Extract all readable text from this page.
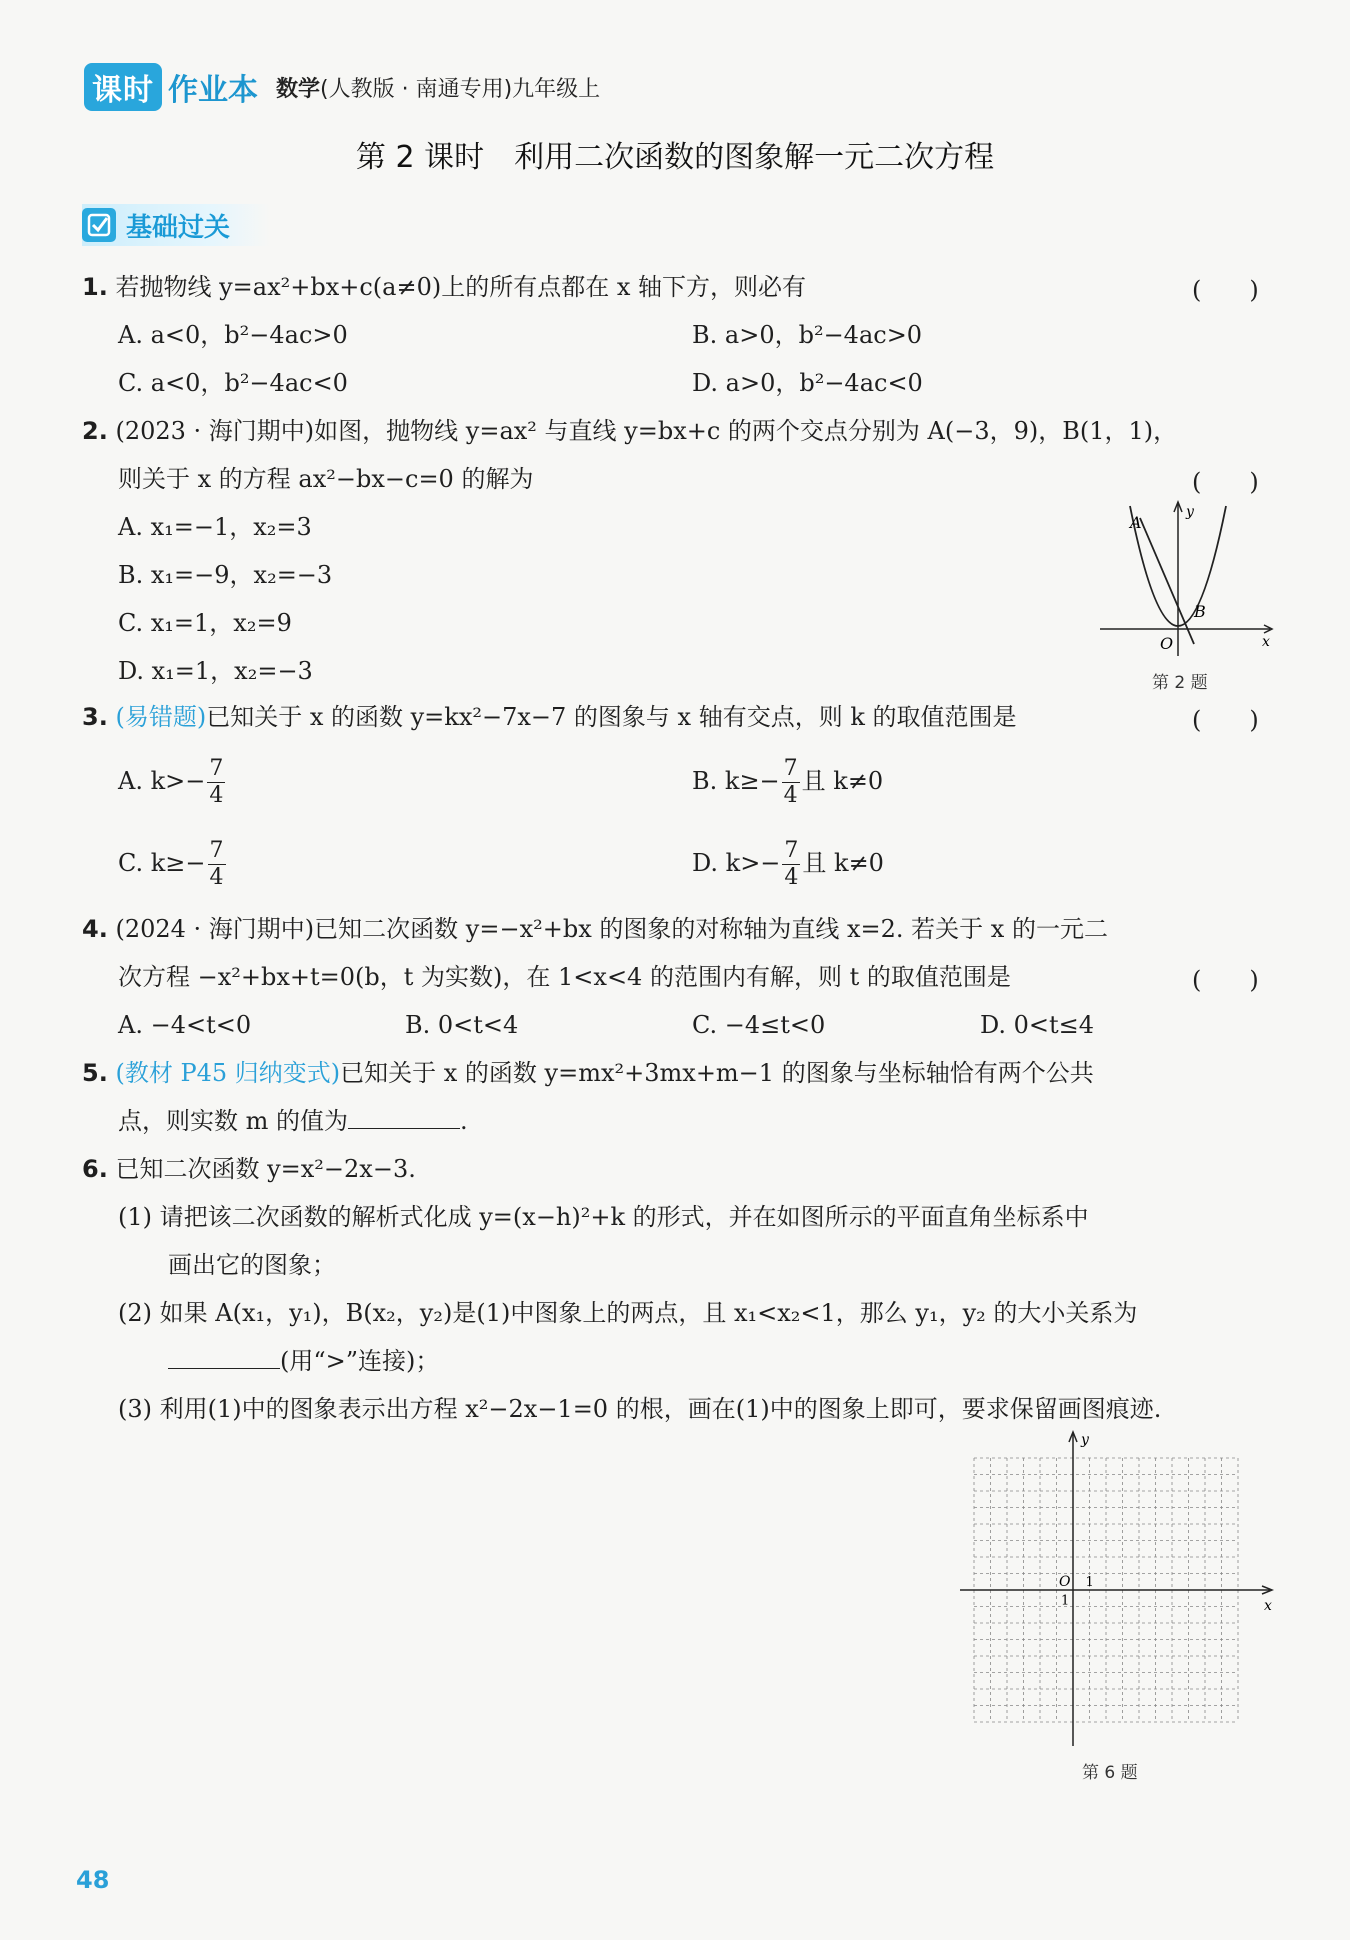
课时 作业本 数学(人教版 · 南通专用)九年级上
第 2 课时　利用二次函数的图象解一元二次方程
基础过关
1. 若抛物线 y=ax²+bx+c(a≠0)上的所有点都在 x 轴下方，则必有	(　　)
A. a<0，b²−4ac>0	B. a>0，b²−4ac>0
C. a<0，b²−4ac<0	D. a>0，b²−4ac<0
2. (2023 · 海门期中)如图，抛物线 y=ax² 与直线 y=bx+c 的两个交点分别为 A(−3，9)，B(1，1)，
则关于 x 的方程 ax²−bx−c=0 的解为	(　　)
A. x₁=−1，x₂=3
B. x₁=−9，x₂=−3
C. x₁=1，x₂=9
D. x₁=1，x₂=−3
A
B
O	x
y
第 2 题
3. (易错题)已知关于 x 的函数 y=kx²−7x−7 的图象与 x 轴有交点，则 k 的取值范围是	(　　)
A. $k>- \frac{7}{4}$	B. $k\ge- \frac{7}{4}$ 且 k≠0
C. $k\ge- \frac{7}{4}$	D. $k>- \frac{7}{4}$ 且 k≠0
4. (2024 · 海门期中)已知二次函数 y=−x²+bx 的图象的对称轴为直线 x=2. 若关于 x 的一元二
次方程 −x²+bx+t=0(b，t 为实数)，在 1<x<4 的范围内有解，则 t 的取值范围是	(　　)
A. −4<t<0	B. 0<t<4	C. −4≤t<0	D. 0<t≤4
5. (教材 P45 归纳变式)已知关于 x 的函数 y=mx²+3mx+m−1 的图象与坐标轴恰有两个公共
点，则实数 m 的值为	.
6. 已知二次函数 y=x²−2x−3.
(1) 请把该二次函数的解析式化成 y=(x−h)²+k 的形式，并在如图所示的平面直角坐标系中
画出它的图象；
(2) 如果 A(x₁，y₁)，B(x₂，y₂)是(1)中图象上的两点，且 x₁<x₂<1，那么 y₁，y₂ 的大小关系为
(用“>”连接)；
(3) 利用(1)中的图象表示出方程 x²−2x−1=0 的根，画在(1)中的图象上即可，要求保留画图痕迹.
O 1
1	x
y
第 6 题
48
